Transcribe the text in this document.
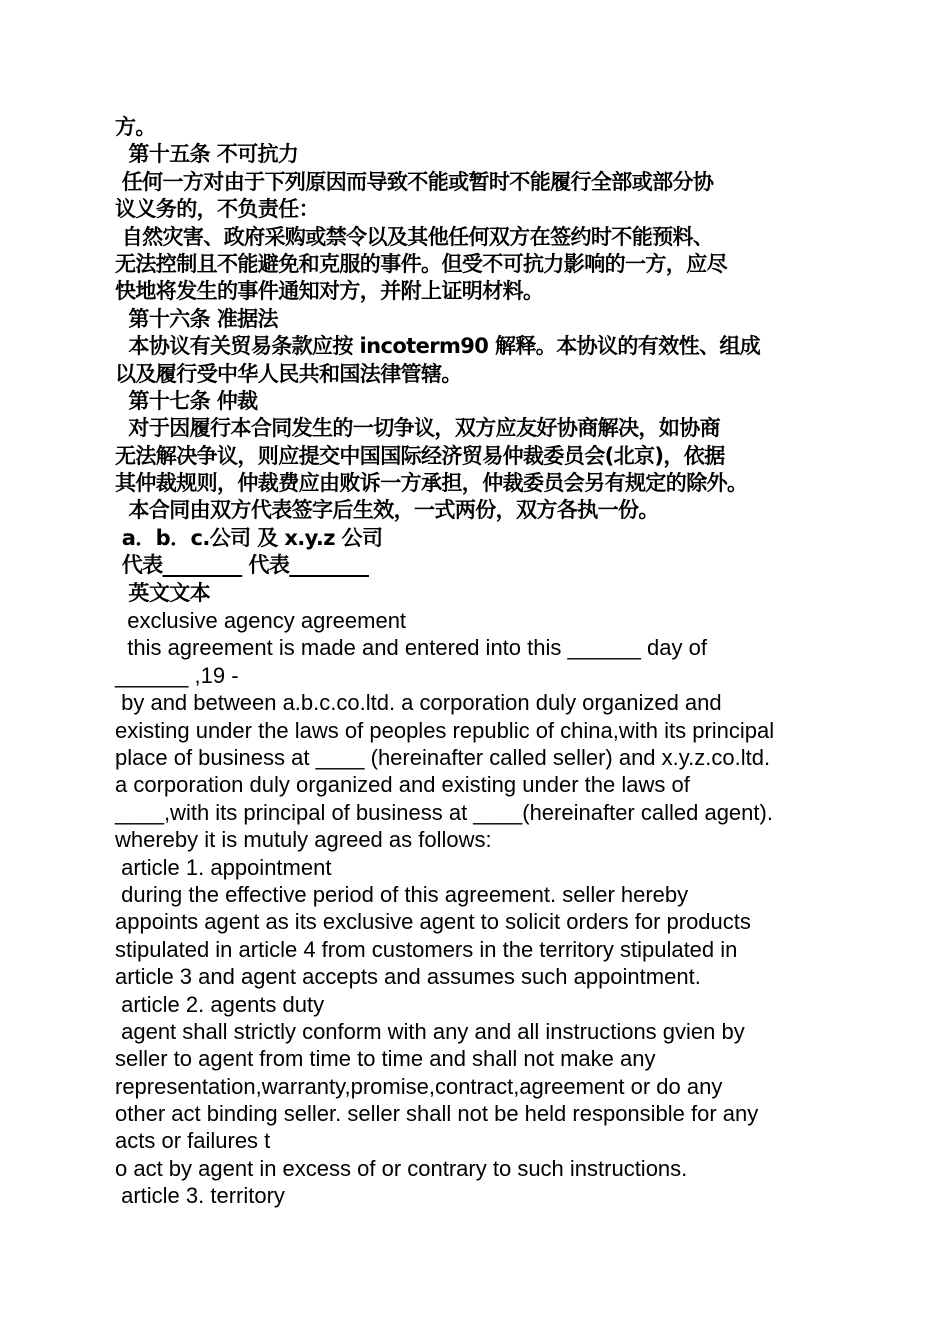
方。
第十五条 不可抗力
任何一方对由于下列原因而导致不能或暂时不能履行全部或部分协
议义务的，不负责任：
自然灾害、政府采购或禁令以及其他任何双方在签约时不能预料、
无法控制且不能避免和克服的事件。但受不可抗力影响的一方，应尽
快地将发生的事件通知对方，并附上证明材料。
第十六条 准据法
本协议有关贸易条款应按 incoterm90 解释。本协议的有效性、组成
以及履行受中华人民共和国法律管辖。
第十七条 仲裁
对于因履行本合同发生的一切争议，双方应友好协商解决，如协商
无法解决争议，则应提交中国国际经济贸易仲裁委员会(北京)，依据
其仲裁规则，仲裁费应由败诉一方承担，仲裁委员会另有规定的除外。
本合同由双方代表签字后生效，一式两份，双方各执一份。
a．b．c.公司 及 x.y.z 公司
代表________ 代表________
英文文本
exclusive agency agreement
this agreement is made and entered into this ______ day of
______ ,19 -
by and between a.b.c.co.ltd. a corporation duly organized and
existing under the laws of peoples republic of china,with its principal
place of business at ____ (hereinafter called seller) and x.y.z.co.ltd.
a corporation duly organized and existing under the laws of
____,with its principal of business at ____(hereinafter called agent).
whereby it is mutuly agreed as follows:
article 1. appointment
during the effective period of this agreement. seller hereby
appoints agent as its exclusive agent to solicit orders for products
stipulated in article 4 from customers in the territory stipulated in
article 3 and agent accepts and assumes such appointment.
article 2. agents duty
agent shall strictly conform with any and all instructions gvien by
seller to agent from time to time and shall not make any
representation,warranty,promise,contract,agreement or do any
other act binding seller. seller shall not be held responsible for any
acts or failures t
o act by agent in excess of or contrary to such instructions.
article 3. territory
